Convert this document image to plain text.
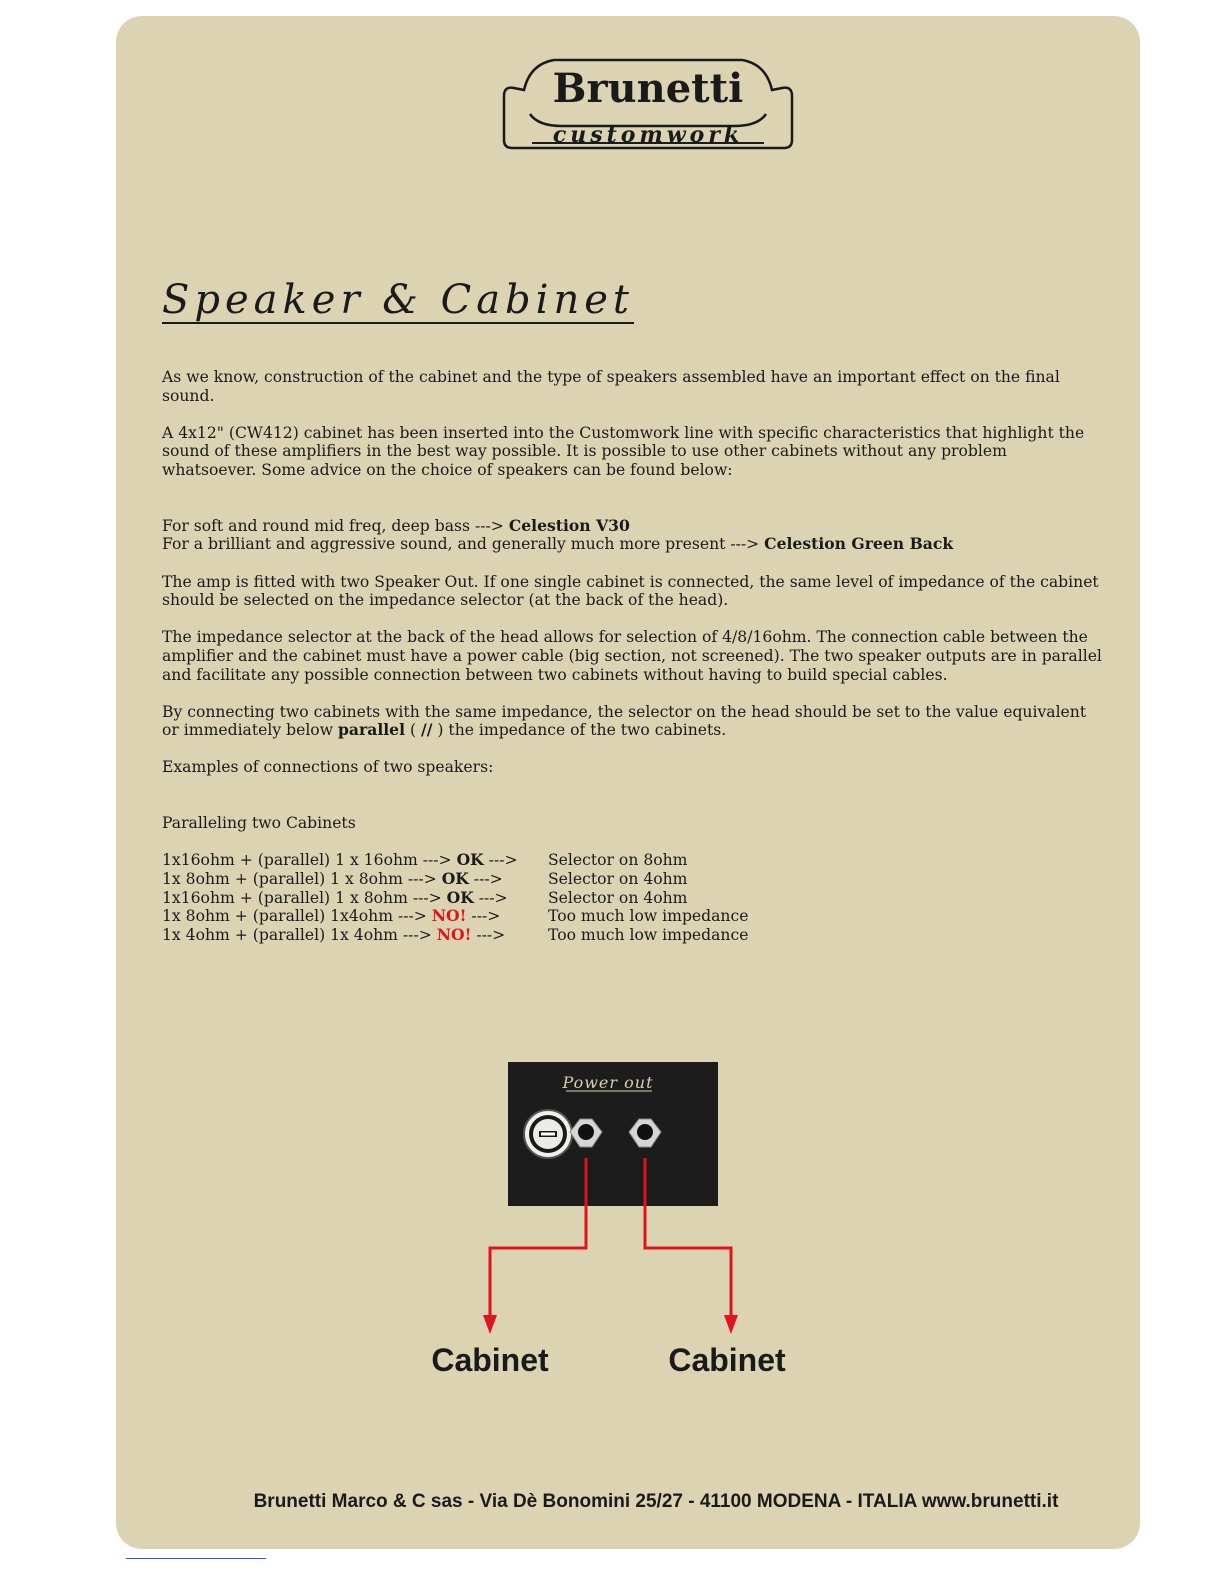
Brunetti
customwork
Speaker & Cabinet

As we know, construction of the cabinet and the type of speakers assembled have an important effect on the final sound.

A 4x12" (CW412) cabinet has been inserted into the Customwork line with specific characteristics that highlight the sound of these amplifiers in the best way possible. It is possible to use other cabinets without any problem whatsoever. Some advice on the choice of speakers can be found below:

For soft and round mid freq, deep bass ---> Celestion V30

For a brilliant and aggressive sound, and generally much more present ---> Celestion Green Back

The amp is fitted with two Speaker Out. If one single cabinet is connected, the same level of impedance of the cabinet should be selected on the impedance selector (at the back of the head).

The impedance selector at the back of the head allows for selection of 4/8/16ohm. The connection cable between the amplifier and the cabinet must have a power cable (big section, not screened). The two speaker outputs are in parallel and facilitate any possible connection between two cabinets without having to build special cables.

By connecting two cabinets with the same impedance, the selector on the head should be set to the value equivalent or immediately below parallel ( // ) the impedance of the two cabinets.

Examples of connections of two speakers:

Paralleling two Cabinets

1x16ohm + (parallel) 1 x 16ohm ---> OK --->	Selector on 8ohm
1x 8ohm + (parallel) 1 x 8ohm ---> OK --->	Selector on 4ohm
1x16ohm + (parallel) 1 x 8ohm ---> OK --->	Selector on 4ohm
1x 8ohm + (parallel) 1x4ohm ---> NO! --->	Too much low impedance
1x 4ohm + (parallel) 1x 4ohm ---> NO! --->	Too much low impedance
Power out
Cabinet	Cabinet
Brunetti Marco & C sas - Via Dè Bonomini 25/27 - 41100 MODENA - ITALIA www.brunetti.it
